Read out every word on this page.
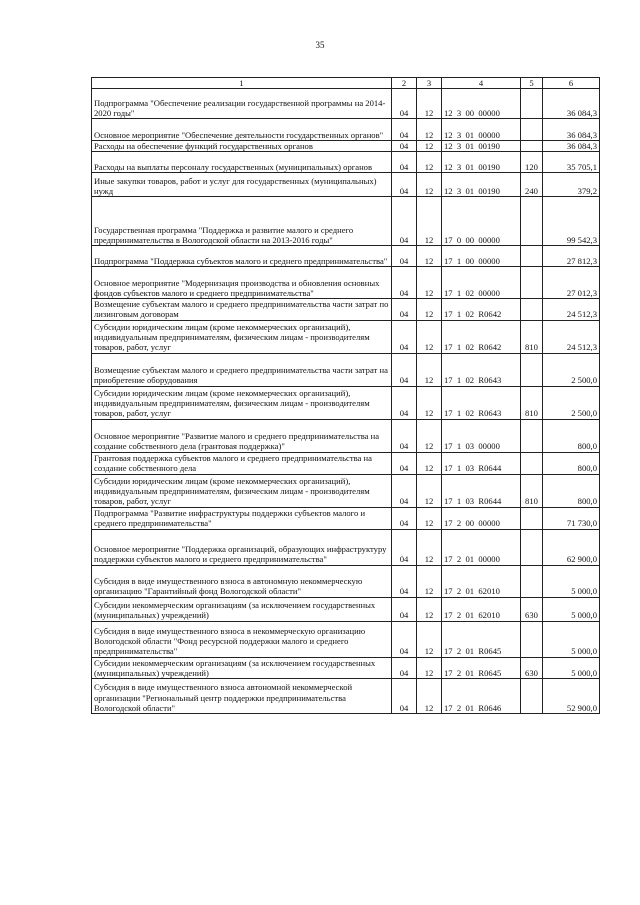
35
1	2	3	4	5	6
Подпрограмма "Обеспечение реализации государственной программы на 2014-2020 годы"	04	12	12  3  00  00000		36 084,3
Основное мероприятие "Обеспечение деятельности государственных органов"	04	12	12  3  01  00000		36 084,3
Расходы на обеспечение функций государственных органов	04	12	12  3  01  00190		36 084,3
Расходы на выплаты персоналу государственных (муниципальных) органов	04	12	12  3  01  00190	120	35 705,1
Иные закупки товаров, работ и услуг для государственных (муниципальных) нужд	04	12	12  3  01  00190	240	379,2
Государственная программа "Поддержка и развитие малого и среднего предпринимательства в Вологодской области на 2013-2016 годы"	04	12	17  0  00  00000		99 542,3
Подпрограмма "Поддержка субъектов малого и среднего предпринимательства"	04	12	17  1  00  00000		27 812,3
Основное мероприятие "Модернизация производства и обновления основных фондов субъектов малого и среднего предпринимательства"	04	12	17  1  02  00000		27 012,3
Возмещение субъектам малого и среднего предпринимательства части затрат по лизинговым договорам	04	12	17  1  02  R0642		24 512,3
Субсидии юридическим лицам (кроме некоммерческих организаций), индивидуальным предпринимателям, физическим лицам - производителям товаров, работ, услуг	04	12	17  1  02  R0642	810	24 512,3
Возмещение субъектам малого и среднего предпринимательства части затрат на приобретение оборудования	04	12	17  1  02  R0643		2 500,0
Субсидии юридическим лицам (кроме некоммерческих организаций), индивидуальным предпринимателям, физическим лицам - производителям товаров, работ, услуг	04	12	17  1  02  R0643	810	2 500,0
Основное мероприятие "Развитие малого и среднего предпринимательства на создание собственного дела (грантовая поддержка)"	04	12	17  1  03  00000		800,0
Грантовая поддержка субъектов малого и среднего предпринимательства на создание собственного дела	04	12	17  1  03  R0644		800,0
Субсидии юридическим лицам (кроме некоммерческих организаций), индивидуальным предпринимателям, физическим лицам - производителям товаров, работ, услуг	04	12	17  1  03  R0644	810	800,0
Подпрограмма "Развитие инфраструктуры поддержки субъектов малого и среднего предпринимательства"	04	12	17  2  00  00000		71 730,0
Основное мероприятие "Поддержка организаций, образующих инфраструктуру поддержки субъектов малого и среднего предпринимательства"	04	12	17  2  01  00000		62 900,0
Субсидия в виде имущественного взноса в автономную некоммерческую организацию "Гарантийный фонд Вологодской области"	04	12	17  2  01  62010		5 000,0
Субсидии некоммерческим организациям (за исключением государственных (муниципальных) учреждений)	04	12	17  2  01  62010	630	5 000,0
Субсидия в виде имущественного взноса в некоммерческую организацию Вологодской области "Фонд ресурсной поддержки малого и среднего предпринимательства"	04	12	17  2  01  R0645		5 000,0
Субсидии некоммерческим организациям (за исключением государственных (муниципальных) учреждений)	04	12	17  2  01  R0645	630	5 000,0
Субсидия в виде имущественного взноса автономной некоммерческой организации "Региональный центр поддержки предпринимательства Вологодской области"	04	12	17  2  01  R0646		52 900,0
